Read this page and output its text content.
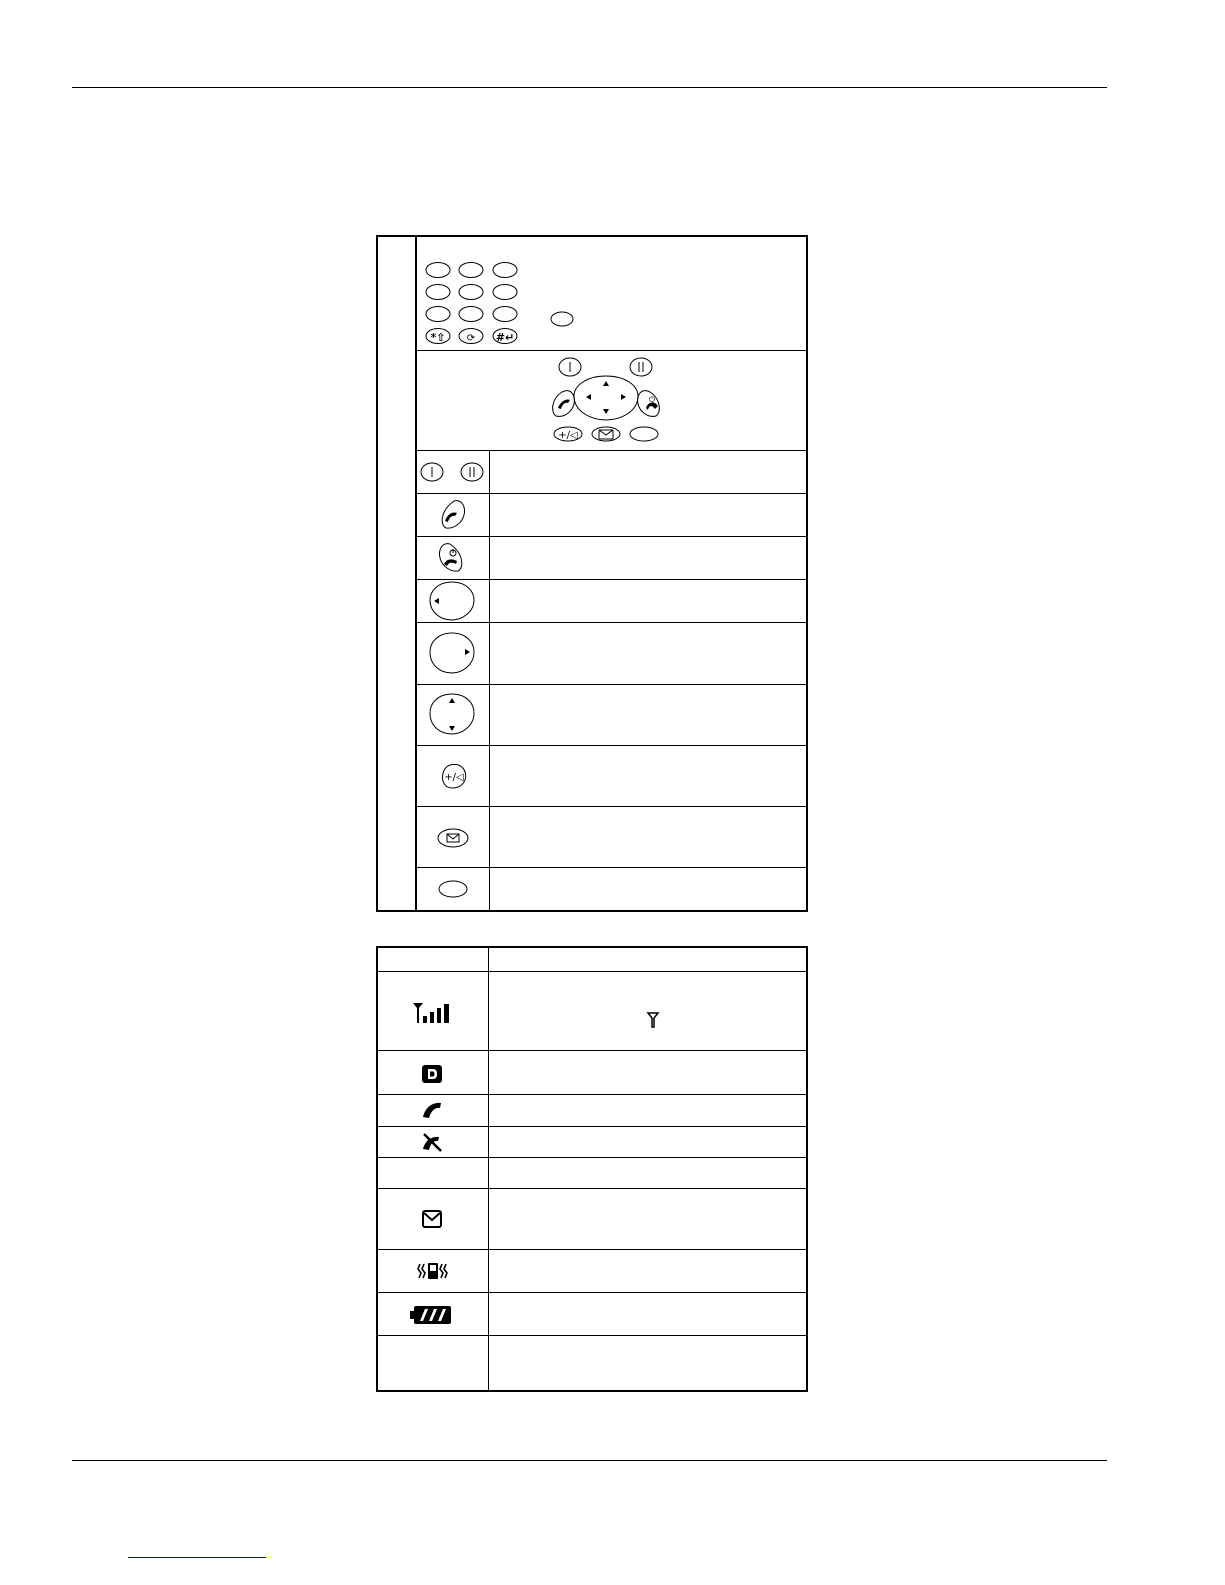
*⇧ ⟳ #↵
+/◁
⏻
+/◁
